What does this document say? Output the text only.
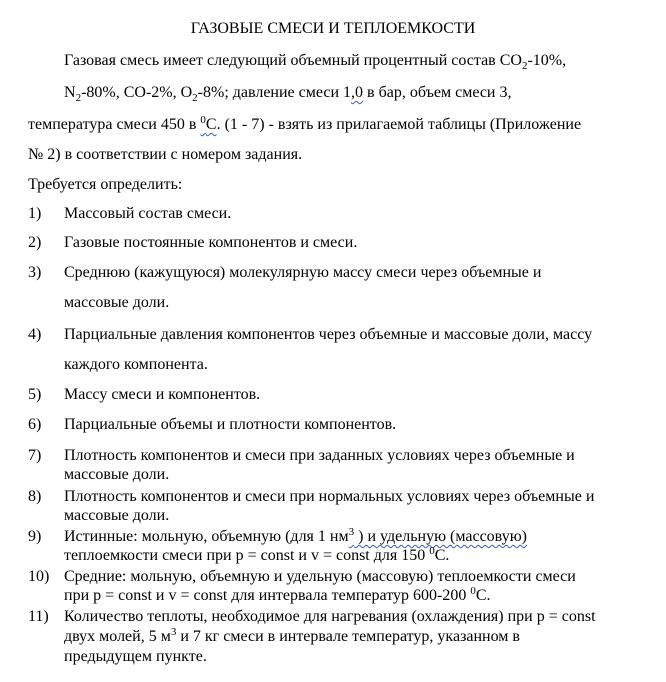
ГАЗОВЫЕ СМЕСИ И ТЕПЛОЕМКОСТИ
Газовая смесь имеет следующий объемный процентный состав $CO_2-10\%$,
$N_2-80\%$, CO-2%, $O_2-8\%$; давление смеси 1,0 в бар, объем смеси 3,
температура смеси 450 в $^0$С. (1 - 7) - взять из прилагаемой таблицы (Приложение
№ 2) в соответствии с номером задания.
Требуется определить:
1) Массовый состав смеси.
2) Газовые постоянные компонентов и смеси.
3) Среднюю (кажущуюся) молекулярную массу смеси через объемные и
массовые доли.
4) Парциальные давления компонентов через объемные и массовые доли, массу
каждого компонента.
5) Массу смеси и компонентов.
6) Парциальные объемы и плотности компонентов.
7) Плотность компонентов и смеси при заданных условиях через объемные и
массовые доли.
8) Плотность компонентов и смеси при нормальных условиях через объемные и
массовые доли.
9) Истинные: мольную, объемную (для 1 $нм^3$ ) и удельную (массовую)
теплоемкости смеси при p = const и v = const для 150 $^0$С.
10) Средние: мольную, объемную и удельную (массовую) теплоемкости смеси
при p = const и v = const для интервала температур 600-200 $^0$С.
11) Количество теплоты, необходимое для нагревания (охлаждения) при p = const
двух молей, 5 $м^3$ и 7 кг смеси в интервале температур, указанном в
предыдущем пункте.
